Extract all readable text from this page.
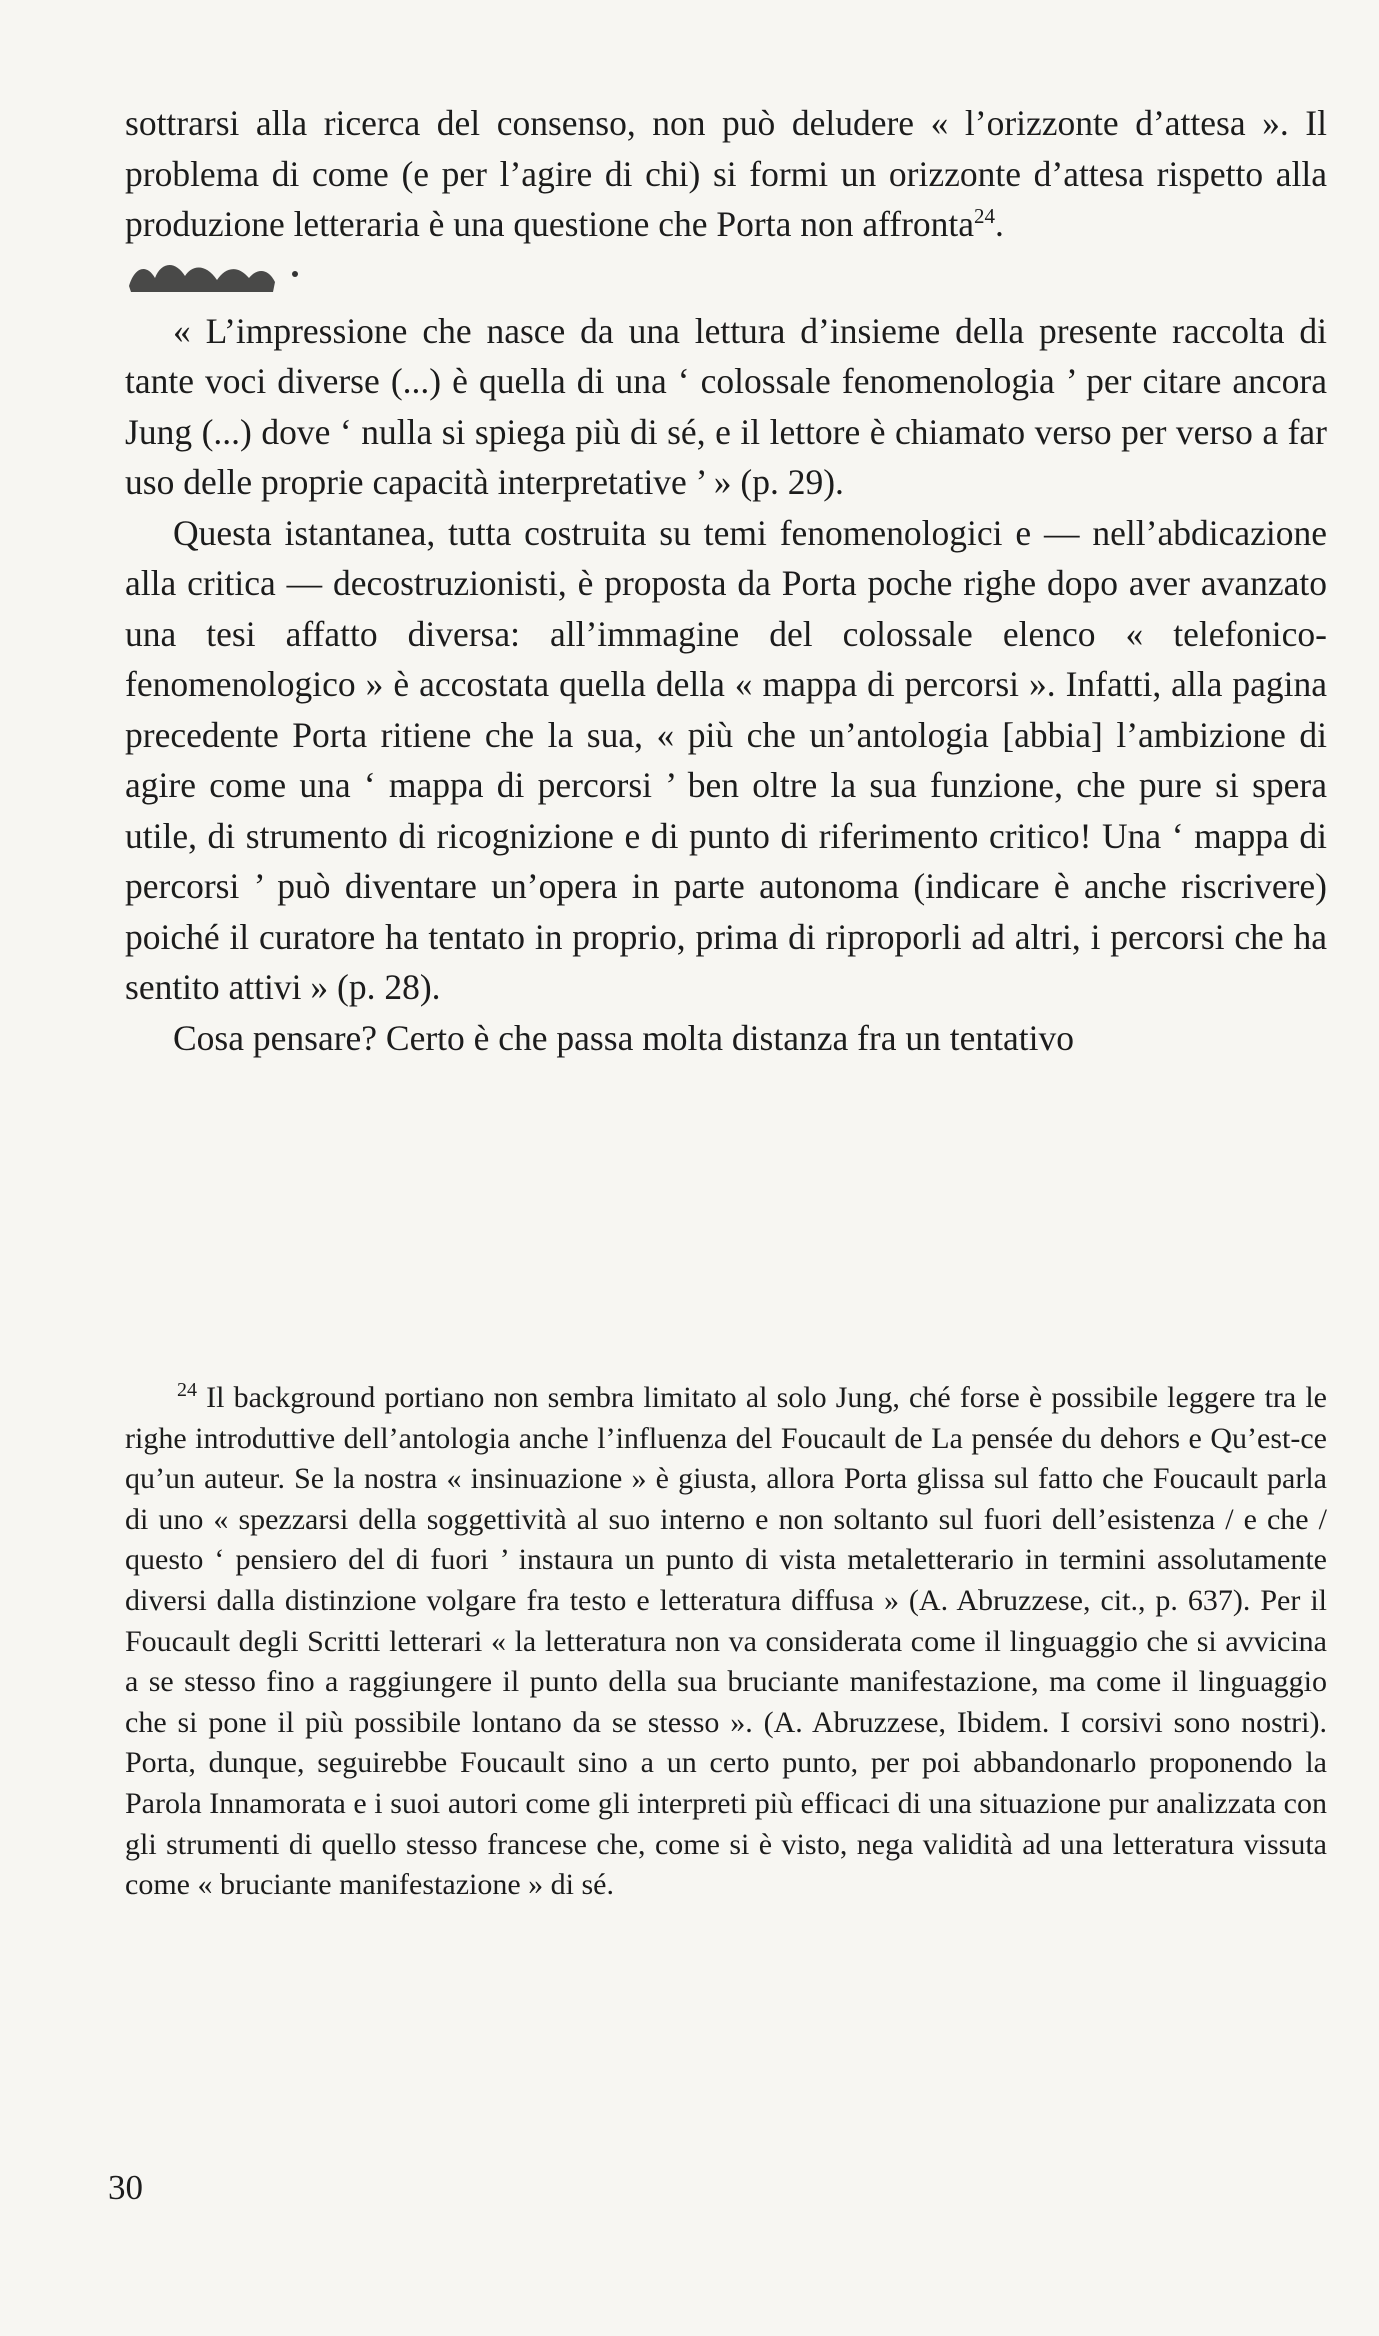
sottrarsi alla ricerca del consenso, non può deludere « l’orizzonte d’attesa ». Il problema di come (e per l’agire di chi) si formi un orizzonte d’attesa rispetto alla produzione letteraria è una questione che Porta non affronta$^{24}$.

« L’impressione che nasce da una lettura d’insieme della presente raccolta di tante voci diverse (...) è quella di una ‘ colossale fenomenologia ’ per citare ancora Jung (...) dove ‘ nulla si spiega più di sé, e il lettore è chiamato verso per verso a far uso delle proprie capacità interpretative ’ » (p. 29).

Questa istantanea, tutta costruita su temi fenomenologici e — nell’abdicazione alla critica — decostruzionisti, è proposta da Porta poche righe dopo aver avanzato una tesi affatto diversa: all’immagine del colossale elenco « telefonico-fenomenologico » è accostata quella della « mappa di percorsi ». Infatti, alla pagina precedente Porta ritiene che la sua, « più che un’antologia [abbia] l’ambizione di agire come una ‘ mappa di percorsi ’ ben oltre la sua funzione, che pure si spera utile, di strumento di ricognizione e di punto di riferimento critico! Una ‘ mappa di percorsi ’ può diventare un’opera in parte autonoma (indicare è anche riscrivere) poiché il curatore ha tentato in proprio, prima di riproporli ad altri, i percorsi che ha sentito attivi » (p. 28).

Cosa pensare? Certo è che passa molta distanza fra un tentativo

$^{24}$ Il background portiano non sembra limitato al solo Jung, ché forse è possibile leggere tra le righe introduttive dell’antologia anche l’influenza del Foucault de La pensée du dehors e Qu’est-ce qu’un auteur. Se la nostra « insinuazione » è giusta, allora Porta glissa sul fatto che Foucault parla di uno « spezzarsi della soggettività al suo interno e non soltanto sul fuori dell’esistenza / e che / questo ‘ pensiero del di fuori ’ instaura un punto di vista metaletterario in termini assolutamente diversi dalla distinzione volgare fra testo e letteratura diffusa » (A. Abruzzese, cit., p. 637). Per il Foucault degli Scritti letterari « la letteratura non va considerata come il linguaggio che si avvicina a se stesso fino a raggiungere il punto della sua bruciante manifestazione, ma come il linguaggio che si pone il più possibile lontano da se stesso ». (A. Abruzzese, Ibidem. I corsivi sono nostri). Porta, dunque, seguirebbe Foucault sino a un certo punto, per poi abbandonarlo proponendo la Parola Innamorata e i suoi autori come gli interpreti più efficaci di una situazione pur analizzata con gli strumenti di quello stesso francese che, come si è visto, nega validità ad una letteratura vissuta come « bruciante manifestazione » di sé.

30
